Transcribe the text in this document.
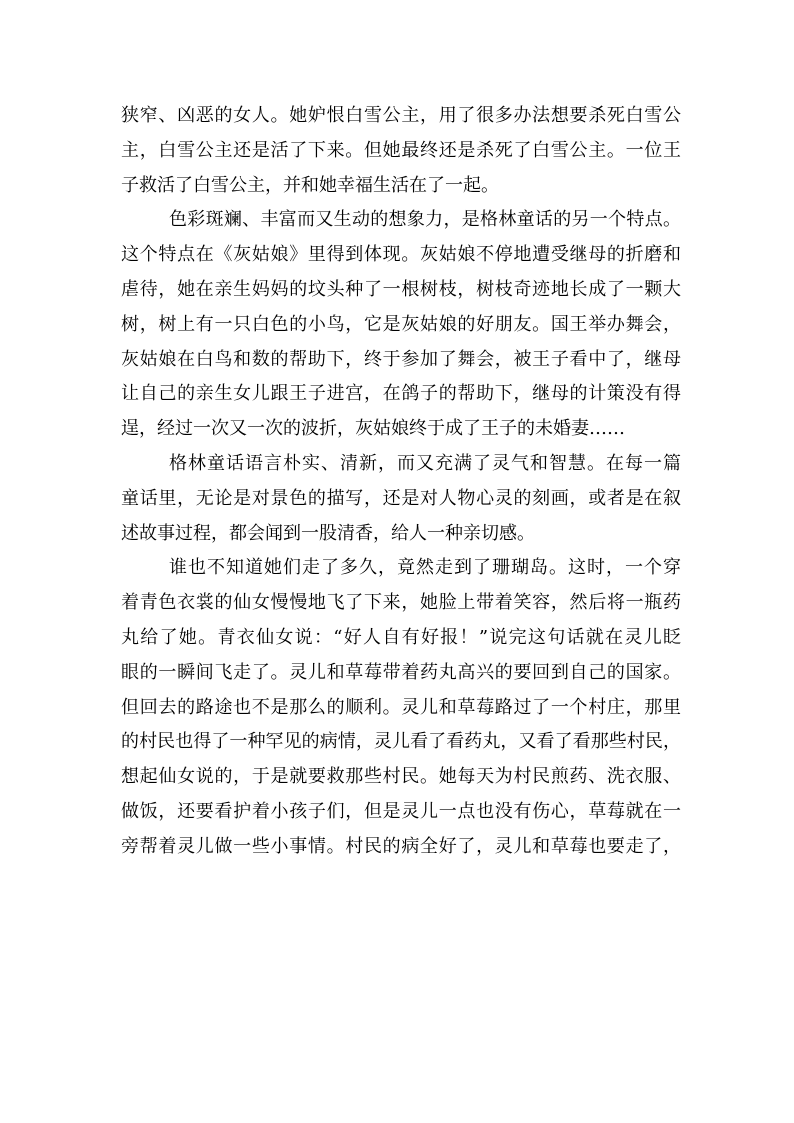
狭窄、凶恶的女人。她妒恨白雪公主，用了很多办法想要杀死白雪公
主，白雪公主还是活了下来。但她最终还是杀死了白雪公主。一位王
子救活了白雪公主，并和她幸福生活在了一起。
色彩斑斓、丰富而又生动的想象力，是格林童话的另一个特点。
这个特点在《灰姑娘》里得到体现。灰姑娘不停地遭受继母的折磨和
虐待，她在亲生妈妈的坟头种了一根树枝，树枝奇迹地长成了一颗大
树，树上有一只白色的小鸟，它是灰姑娘的好朋友。国王举办舞会，
灰姑娘在白鸟和数的帮助下，终于参加了舞会，被王子看中了，继母
让自己的亲生女儿跟王子进宫，在鸽子的帮助下，继母的计策没有得
逞，经过一次又一次的波折，灰姑娘终于成了王子的未婚妻……
格林童话语言朴实、清新，而又充满了灵气和智慧。在每一篇
童话里，无论是对景色的描写，还是对人物心灵的刻画，或者是在叙
述故事过程，都会闻到一股清香，给人一种亲切感。
谁也不知道她们走了多久，竟然走到了珊瑚岛。这时，一个穿
着青色衣裳的仙女慢慢地飞了下来，她脸上带着笑容，然后将一瓶药
丸给了她。青衣仙女说：“好人自有好报！”说完这句话就在灵儿眨
眼的一瞬间飞走了。灵儿和草莓带着药丸高兴的要回到自己的国家。
但回去的路途也不是那么的顺利。灵儿和草莓路过了一个村庄，那里
的村民也得了一种罕见的病情，灵儿看了看药丸，又看了看那些村民，
想起仙女说的，于是就要救那些村民。她每天为村民煎药、洗衣服、
做饭，还要看护着小孩子们，但是灵儿一点也没有伤心，草莓就在一
旁帮着灵儿做一些小事情。村民的病全好了，灵儿和草莓也要走了，
